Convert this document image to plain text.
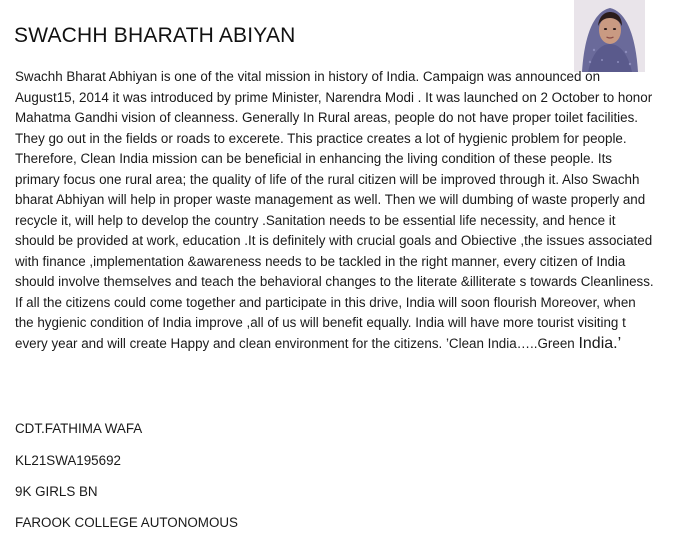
SWACHH BHARATH ABIYAN

Swachh Bharat Abhiyan is one of the vital mission in history of India. Campaign was announced on August15, 2014 it was introduced by prime Minister, Narendra Modi . It was launched on 2 October to honor Mahatma Gandhi vision of cleanness. Generally In Rural areas, people do not have proper toilet facilities. They go out in the fields or roads to excerete. This practice creates a lot of hygienic problem for people. Therefore, Clean India mission can be beneficial in enhancing the living condition of these people. Its primary focus one rural area; the quality of life of the rural citizen will be improved through it. Also Swachh bharat Abhiyan will help in proper waste management as well. Then we will dumbing of waste properly and recycle it, will help to develop the country .Sanitation needs to be essential life necessity, and hence it should be provided at work, education .It is definitely with crucial goals and Obiective ,the issues associated with finance ,implementation &awareness needs to be tackled in the right manner, every citizen of India should involve themselves and teach the behavioral changes to the literate &illiterate s towards Cleanliness. If all the citizens could come together and participate in this drive, India will soon flourish Moreover, when the hygienic condition of India improve ,all of us will benefit equally. India will have more tourist visiting t every year and will create Happy and clean environment for the citizens. ’Clean India…..Green India.’

CDT.FATHIMA WAFA
KL21SWA195692
9K GIRLS BN
FAROOK COLLEGE AUTONOMOUS
